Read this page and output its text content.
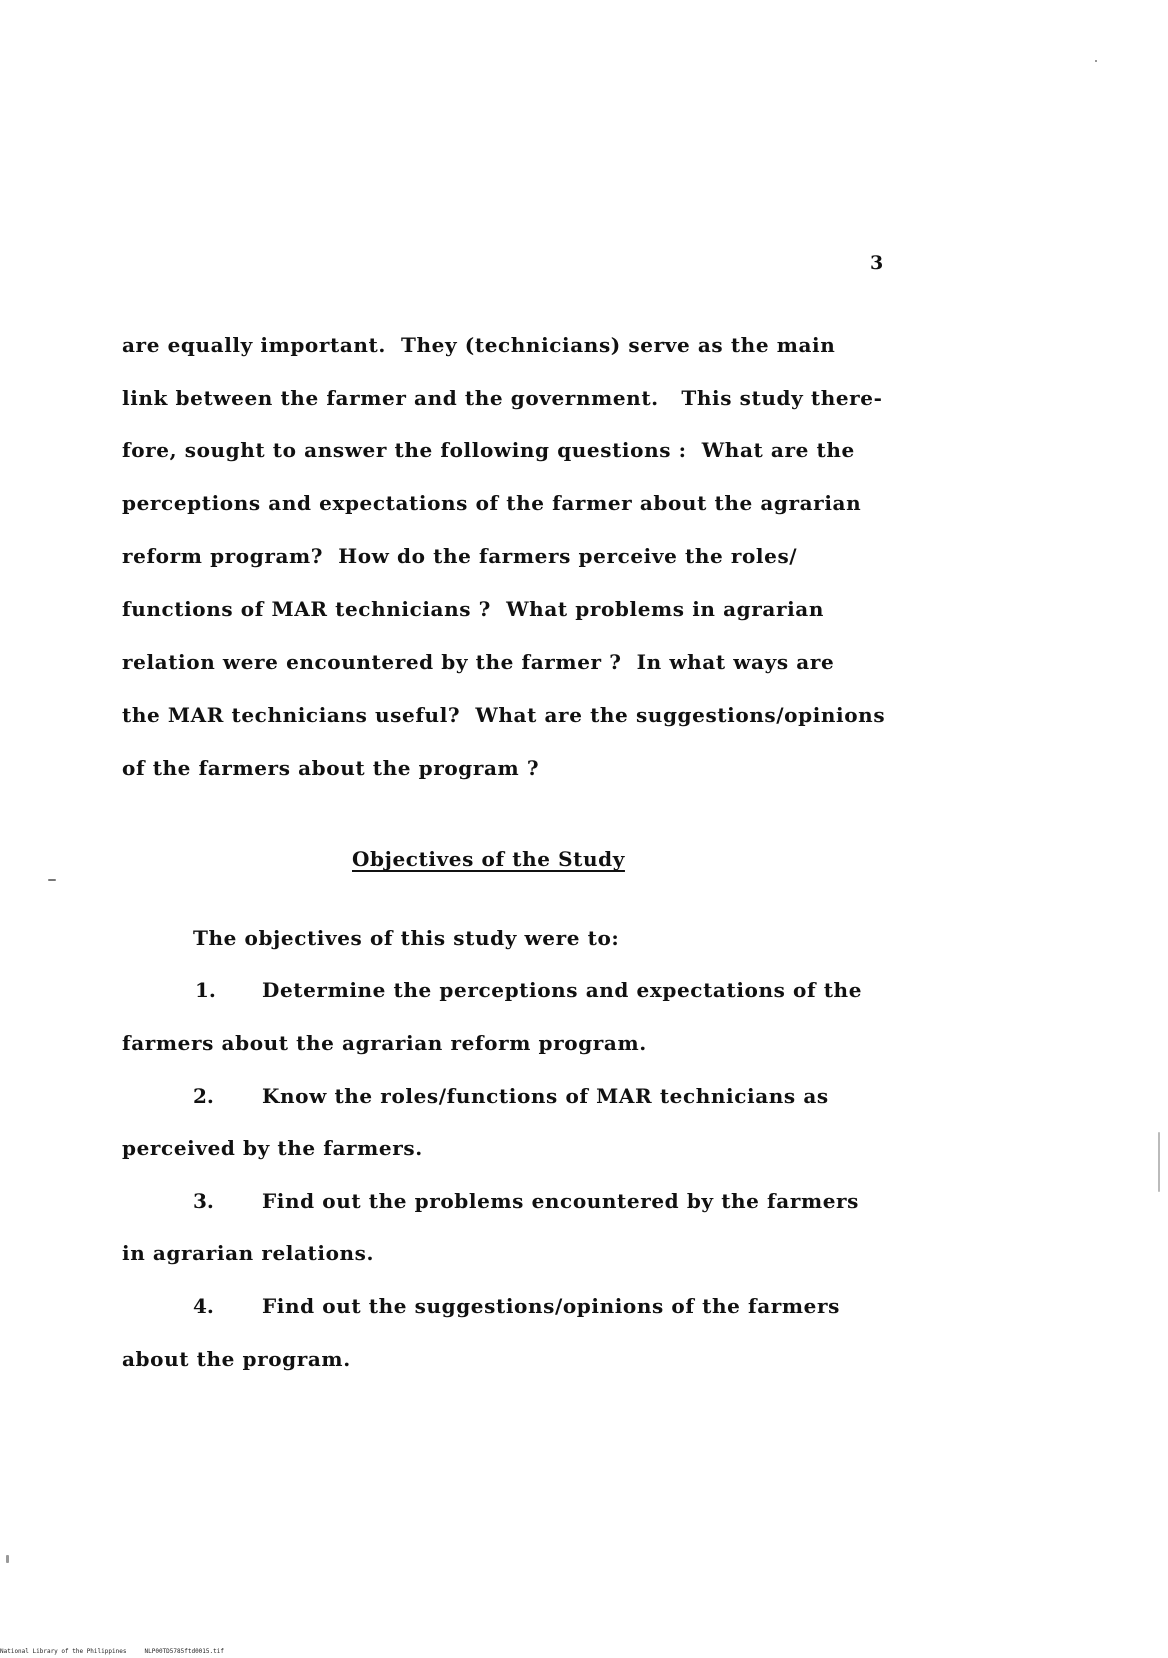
3
are equally important.  They (technicians) serve as the main
link between the farmer and the government.   This study there-
fore, sought to answer the following questions :  What are the
perceptions and expectations of the farmer about the agrarian
reform program?  How do the farmers perceive the roles/
functions of MAR technicians ?  What problems in agrarian
relation were encountered by the farmer ?  In what ways are
the MAR technicians useful?  What are the suggestions/opinions
of the farmers about the program ?
Objectives of the Study
The objectives of this study were to:
1. Determine the perceptions and expectations of the
farmers about the agrarian reform program.
2. Know the roles/functions of MAR technicians as
perceived by the farmers.
3. Find out the problems encountered by the farmers
in agrarian relations.
4. Find out the suggestions/opinions of the farmers
about the program.
National Library of the Philippines	NLP00TD5785ftd0015.tif
